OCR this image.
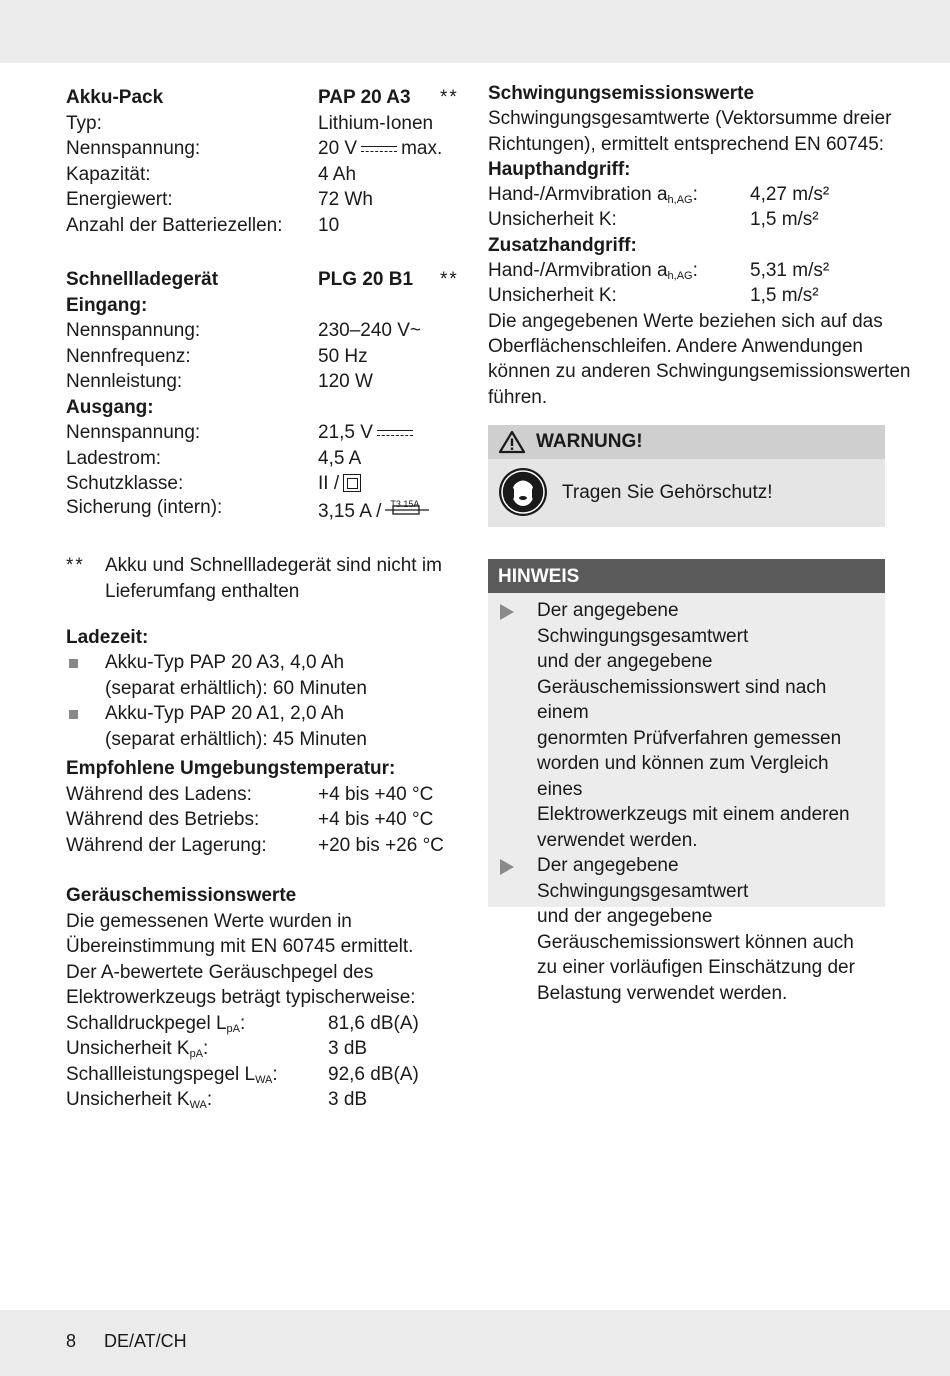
Akku-Pack	PAP 20 A3 **
Typ:	Lithium-Ionen
Nennspannung:	20 V max.
Kapazität:	4 Ah
Energiewert:	72 Wh
Anzahl der Batteriezellen: 10
Schnellladegerät	PLG 20 B1 **
Eingang:
Nennspannung:	230–240 V~
Nennfrequenz:	50 Hz
Nennleistung:	120 W
Ausgang:
Nennspannung:	21,5 V
Ladestrom:	4,5 A
Schutzklasse:	II /
Sicherung (intern):	3,15 A / T3.15A
** Akku und Schnellladegerät sind nicht im
Lieferumfang enthalten
Ladezeit:
Akku-Typ PAP 20 A3, 4,0 Ah
(separat erhältlich): 60 Minuten
Akku-Typ PAP 20 A1, 2,0 Ah
(separat erhältlich): 45 Minuten
Empfohlene Umgebungstemperatur:
Während des Ladens:	+4 bis +40 °C
Während des Betriebs:	+4 bis +40 °C
Während der Lagerung:	+20 bis +26 °C
Geräuschemissionswerte
Die gemessenen Werte wurden in
Übereinstimmung mit EN 60745 ermittelt.
Der A-bewertete Geräuschpegel des
Elektrowerkzeugs beträgt typischerweise:
Schalldruckpegel $L_{pA}$:	81,6 dB(A)
Unsicherheit $K_{pA}$:	3 dB
Schallleistungspegel $L_{WA}$:	92,6 dB(A)
Unsicherheit $K_{WA}$:	3 dB
Schwingungsemissionswerte
Schwingungsgesamtwerte (Vektorsumme dreier
Richtungen), ermittelt entsprechend EN 60745:
Haupthandgriff:
Hand-/Armvibration $a_{h,AG}$:	4,27 m/s²
Unsicherheit K:	1,5 m/s²
Zusatzhandgriff:
Hand-/Armvibration $a_{h,AG}$:	5,31 m/s²
Unsicherheit K:	1,5 m/s²
Die angegebenen Werte beziehen sich auf das
Oberflächenschleifen. Andere Anwendungen
können zu anderen Schwingungsemissionswerten
führen.
WARNUNG!
Tragen Sie Gehörschutz!
HINWEIS
Der angegebene Schwingungsgesamtwert
und der angegebene
Geräuschemissionswert sind nach einem
genormten Prüfverfahren gemessen
worden und können zum Vergleich eines
Elektrowerkzeugs mit einem anderen
verwendet werden.
Der angegebene Schwingungsgesamtwert
und der angegebene
Geräuschemissionswert können auch
zu einer vorläufigen Einschätzung der
Belastung verwendet werden.
8 DE/AT/CH
